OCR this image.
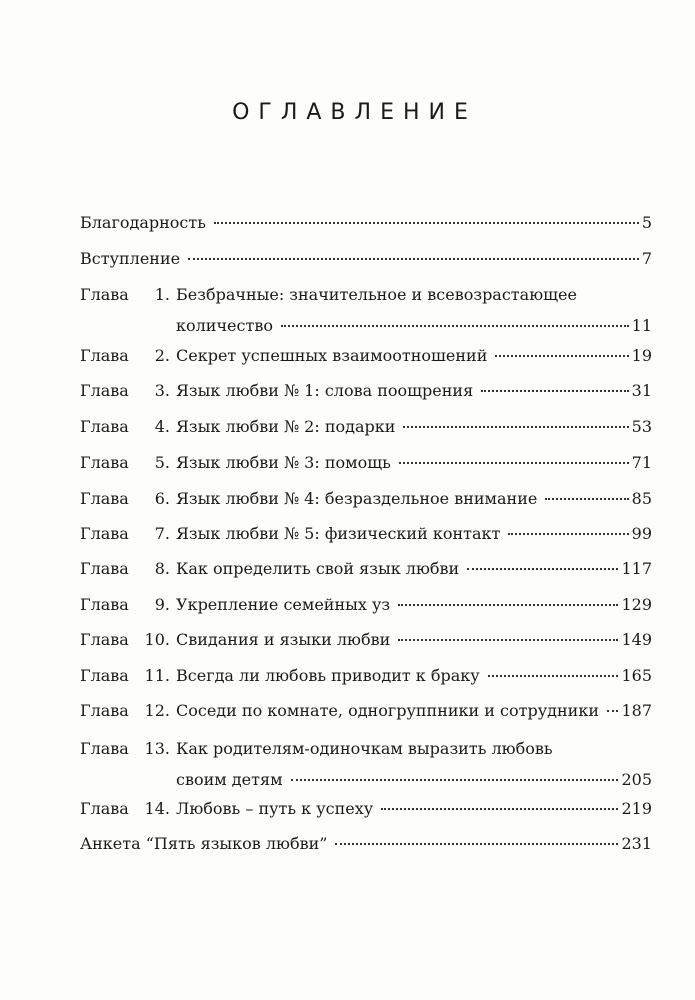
ОГЛАВЛЕНИЕ
Благодарность	5
Вступление	7
Глава	1. Безбрачные: значительное и всевозрастающее
количество	11
Глава	2. Секрет успешных взаимоотношений	19
Глава	3. Язык любви № 1: слова поощрения	31
Глава	4. Язык любви № 2: подарки	53
Глава	5. Язык любви № 3: помощь	71
Глава	6. Язык любви № 4: безраздельное внимание	85
Глава	7. Язык любви № 5: физический контакт	99
Глава	8. Как определить свой язык любви	117
Глава	9. Укрепление семейных уз	129
Глава 10. Свидания и языки любви	149
Глава 11. Всегда ли любовь приводит к браку	165
Глава 12. Соседи по комнате, одногруппники и сотрудники 187
Глава 13. Как родителям-одиночкам выразить любовь
своим детям	205
Глава 14. Любовь – путь к успеху	219
Анкета “Пять языков любви”	231
